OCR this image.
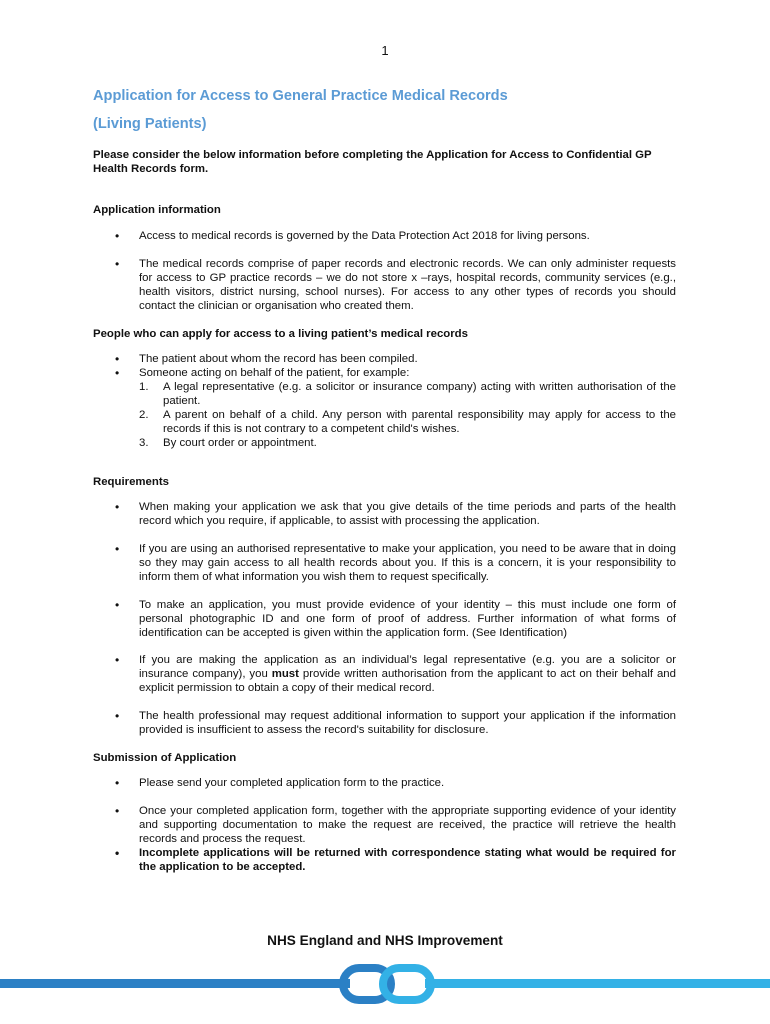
1
Application for Access to General Practice Medical Records
(Living Patients)
Please consider the below information before completing the Application for Access to Confidential GP Health Records form.
Application information
• Access to medical records is governed by the Data Protection Act 2018 for living persons.
• The medical records comprise of paper records and electronic records. We can only administer requests for access to GP practice records – we do not store x –rays, hospital records, community services (e.g., health visitors, district nursing, school nurses). For access to any other types of records you should contact the clinician or organisation who created them.
People who can apply for access to a living patient’s medical records
• The patient about whom the record has been compiled.
• Someone acting on behalf of the patient, for example:
1. A legal representative (e.g. a solicitor or insurance company) acting with written authorisation of the patient.
2. A parent on behalf of a child. Any person with parental responsibility may apply for access to the records if this is not contrary to a competent child's wishes.
3. By court order or appointment.
Requirements
• When making your application we ask that you give details of the time periods and parts of the health record which you require, if applicable, to assist with processing the application.
• If you are using an authorised representative to make your application, you need to be aware that in doing so they may gain access to all health records about you. If this is a concern, it is your responsibility to inform them of what information you wish them to request specifically.
• To make an application, you must provide evidence of your identity – this must include one form of personal photographic ID and one form of proof of address. Further information of what forms of identification can be accepted is given within the application form. (See Identification)
• If you are making the application as an individual’s legal representative (e.g. you are a solicitor or insurance company), you must provide written authorisation from the applicant to act on their behalf and explicit permission to obtain a copy of their medical record.
• The health professional may request additional information to support your application if the information provided is insufficient to assess the record's suitability for disclosure.
Submission of Application
• Please send your completed application form to the practice.
• Once your completed application form, together with the appropriate supporting evidence of your identity and supporting documentation to make the request are received, the practice will retrieve the health records and process the request.
• Incomplete applications will be returned with correspondence stating what would be required for the application to be accepted.
NHS England and NHS Improvement
